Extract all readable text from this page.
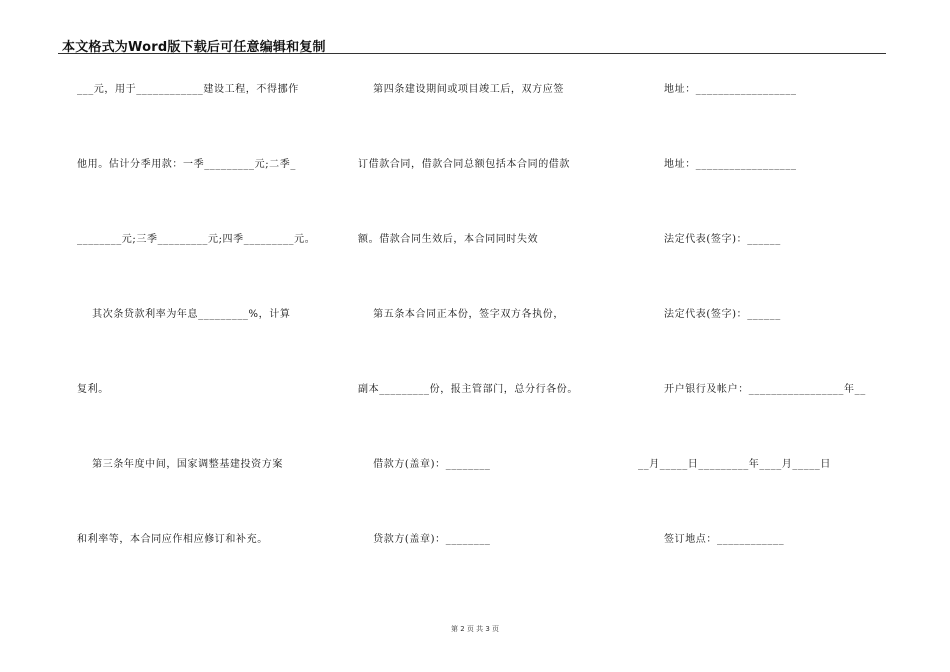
本文格式为Word版下载后可任意编辑和复制
___元，用于____________建设工程，不得挪作
他用。估计分季用款：一季_________元;二季_
________元;三季_________元;四季_________元。
其次条贷款利率为年息_________%，计算
复利。
第三条年度中间，国家调整基建投资方案
和利率等，本合同应作相应修订和补充。
第四条建设期间或项目竣工后，双方应签
订借款合同，借款合同总额包括本合同的借款
额。借款合同生效后，本合同同时失效
第五条本合同正本份，签字双方各执份，
副本_________份，报主管部门，总分行各份。
借款方(盖章)：________
贷款方(盖章)：________
地址：__________________
地址：__________________
法定代表(签字)：______
法定代表(签字)：______
开户银行及帐户：_________________年__
__月_____日_________年____月_____日
签订地点：____________
第 2 页 共 3 页
